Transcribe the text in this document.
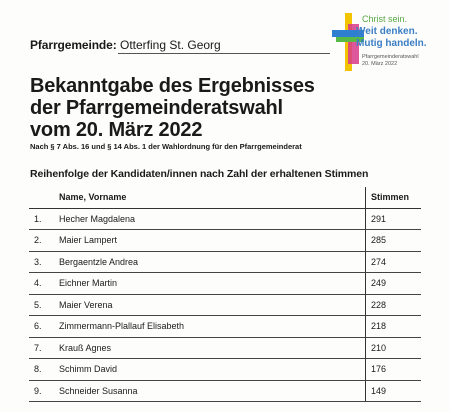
Pfarrgemeinde: Otterfing St. Georg
Christ sein.
Weit denken.
Mutig handeln.
Pfarrgemeinderatswahl
20. März 2022
Bekanntgabe des Ergebnisses
der Pfarrgemeinderatswahl
vom 20. März 2022
Nach § 7 Abs. 16 und § 14 Abs. 1 der Wahlordnung für den Pfarrgemeinderat
Reihenfolge der Kandidaten/innen nach Zahl der erhaltenen Stimmen
	Name, Vorname	Stimmen
1.	Hecher Magdalena	291
2.	Maier Lampert	285
3.	Bergaentzle Andrea	274
4.	Eichner Martin	249
5.	Maier Verena	228
6.	Zimmermann-Plallauf Elisabeth	218
7.	Krauß Agnes	210
8.	Schimm David	176
9.	Schneider Susanna	149
